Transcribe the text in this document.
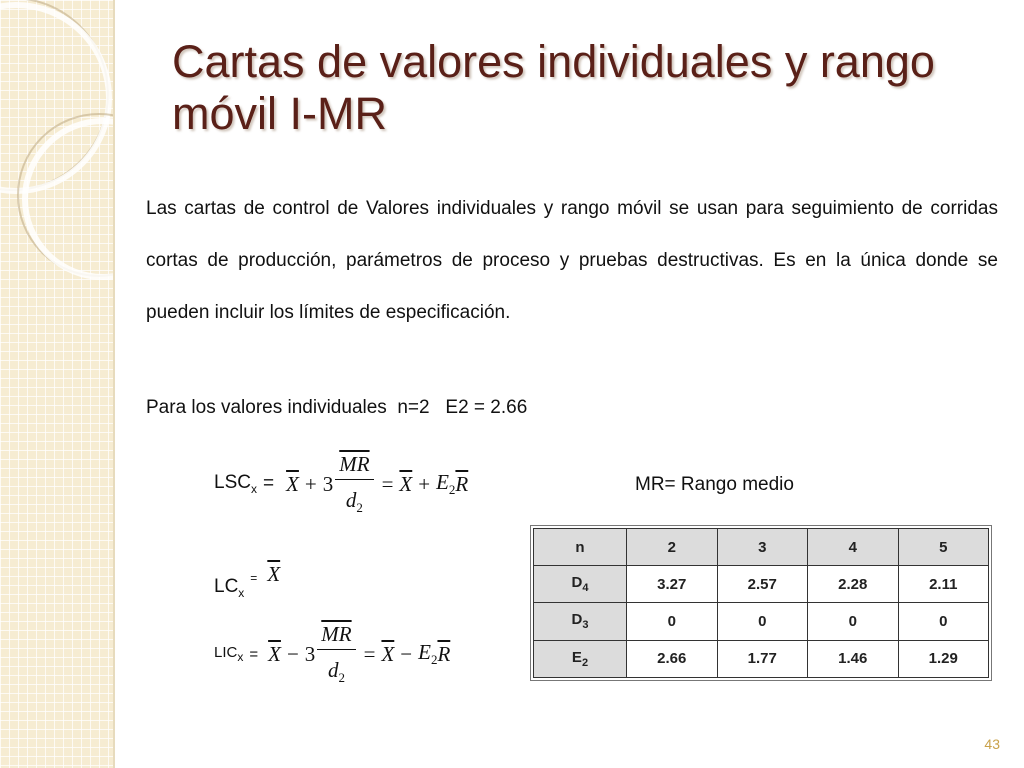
Cartas de valores individuales y rango móvil I-MR

Las cartas de control de Valores individuales y rango móvil se usan para seguimiento de corridas cortas de producción, parámetros de proceso y pruebas destructivas. Es en la única donde se pueden incluir los límites de especificación.

Para los valores individuales  n=2   E2 = 2.66
$LSC_x = \overline{X} + 3 \frac{\overline{MR}}{d_2} = \overline{X} + E_2$ $\overline{R}$	MR= Rango medio
$LC_x$
= $\overline{X}$
$LIC_x = \overline{X} - 3 \frac{\overline{MR}}{d_2} = \overline{X} - E_2$ $\overline{R}$
n	2	3	4	5
$D_4$	3.27	2.57	2.28	2.11
$D_3$	0	0	0	0
$E_2$	2.66	1.77	1.46	1.29
43
